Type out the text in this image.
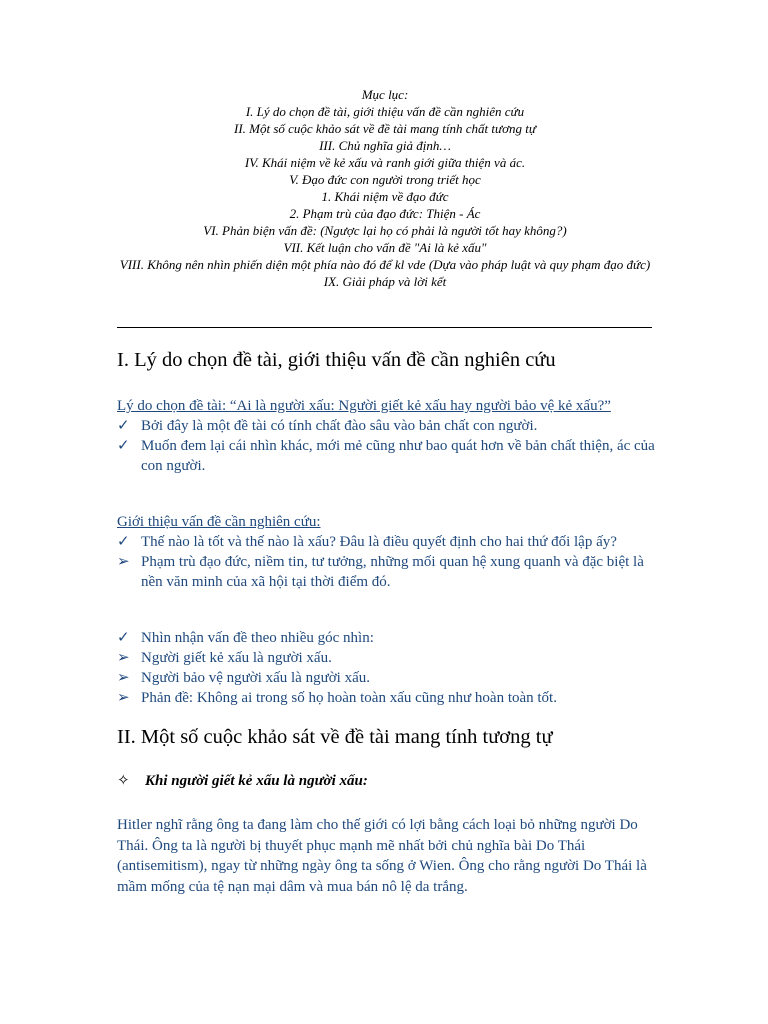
Mục lục:
I. Lý do chọn đề tài, giới thiệu vấn đề cần nghiên cứu
II. Một số cuộc khảo sát về đề tài mang tính chất tương tự
III. Chủ nghĩa giả định…
IV. Khái niệm về kẻ xấu và ranh giới giữa thiện và ác.
V. Đạo đức con người trong triết học
1. Khái niệm về đạo đức
2. Phạm trù của đạo đức: Thiện - Ác
VI. Phản biện vấn đề: (Ngược lại họ có phải là người tốt hay không?)
VII. Kết luận cho vấn đề "Ai là kẻ xấu"
VIII. Không nên nhìn phiến diện một phía nào đó để kl vde (Dựa vào pháp luật và quy phạm đạo đức)
IX. Giải pháp và lời kết
I. Lý do chọn đề tài, giới thiệu vấn đề cần nghiên cứu
Lý do chọn đề tài: “Ai là người xấu: Người giết kẻ xấu hay người bảo vệ kẻ xấu?”
✓ Bởi đây là một đề tài có tính chất đào sâu vào bản chất con người.
✓ Muốn đem lại cái nhìn khác, mới mẻ cũng như bao quát hơn về bản chất thiện, ác của con người.
Giới thiệu vấn đề cần nghiên cứu:
✓ Thế nào là tốt và thế nào là xấu? Đâu là điều quyết định cho hai thứ đối lập ấy?
➢ Phạm trù đạo đức, niềm tin, tư tưởng, những mối quan hệ xung quanh và đặc biệt là nền văn minh của xã hội tại thời điểm đó.
✓ Nhìn nhận vấn đề theo nhiều góc nhìn:
➢ Người giết kẻ xấu là người xấu.
➢ Người bảo vệ người xấu là người xấu.
➢ Phản đề: Không ai trong số họ hoàn toàn xấu cũng như hoàn toàn tốt.
II. Một số cuộc khảo sát về đề tài mang tính tương tự
✧ Khi người giết kẻ xấu là người xấu:
Hitler nghĩ rằng ông ta đang làm cho thế giới có lợi bằng cách loại bỏ những người Do Thái. Ông ta là người bị thuyết phục mạnh mẽ nhất bởi chủ nghĩa bài Do Thái (antisemitism), ngay từ những ngày ông ta sống ở Wien. Ông cho rằng người Do Thái là mầm mống của tệ nạn mại dâm và mua bán nô lệ da trắng.
